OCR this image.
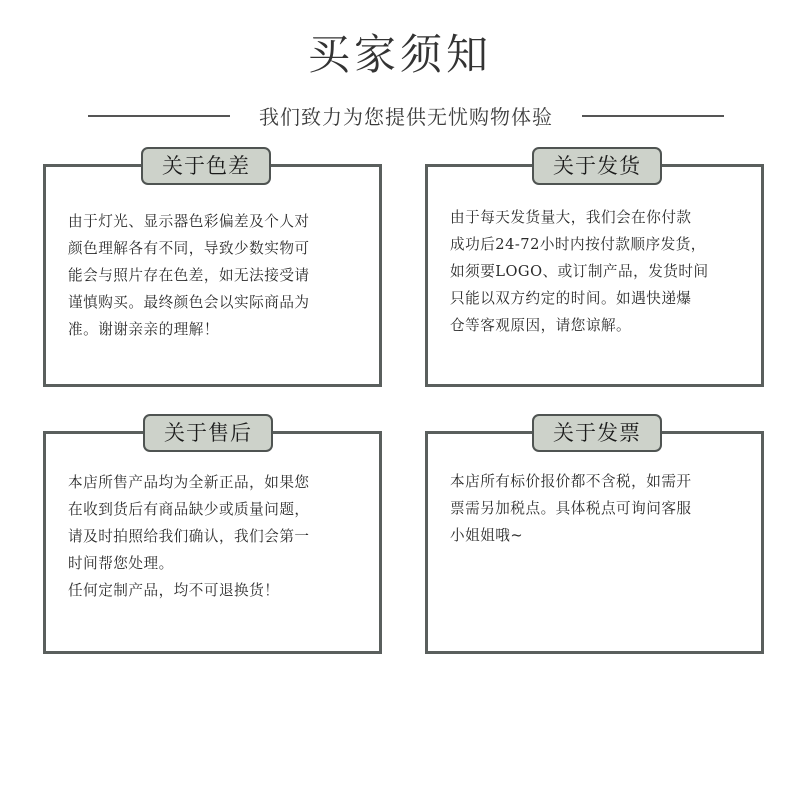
买家须知
我们致力为您提供无忧购物体验
关于色差
由于灯光、显示器色彩偏差及个人对
颜色理解各有不同，导致少数实物可
能会与照片存在色差，如无法接受请
谨慎购买。最终颜色会以实际商品为
准。谢谢亲亲的理解！
关于发货
由于每天发货量大，我们会在你付款
成功后24-72小时内按付款顺序发货，
如须要LOGO、或订制产品，发货时间
只能以双方约定的时间。如遇快递爆
仓等客观原因，请您谅解。
关于售后
本店所售产品均为全新正品，如果您
在收到货后有商品缺少或质量问题，
请及时拍照给我们确认，我们会第一
时间帮您处理。
任何定制产品，均不可退换货！
关于发票
本店所有标价报价都不含税，如需开
票需另加税点。具体税点可询问客服
小姐姐哦~
